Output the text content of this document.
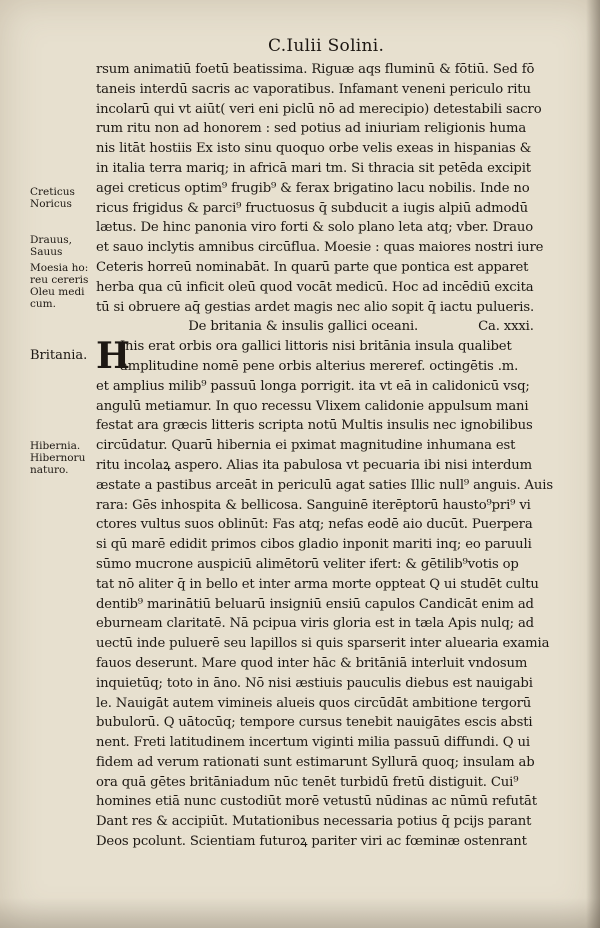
C.Iulii Solini.
Creticus
Noricus
Drauus,
Sauus
Moesia ho:
reu cereris
Oleu medi
cum.
Britania.
Hibernia.
Hibernoru
naturo.
H
rsum animatiū foetū beatissima. Riguæ aqs fluminū & fōtiū. Sed fō
taneis interdū sacris ac vaporatibus. Infamant veneni periculo ritu
incolarū qui vt aiūt( veri eni piclū nō ad merecipio) detestabili sacro
rum ritu non ad honorem : sed potius ad iniuriam religionis huma
nis litāt hostiis Ex isto sinu quoquo orbe velis exeas in hispanias &
in italia terra mariq; in africā mari tm. Si thracia sit petēda excipit
agei creticus optim⁹ frugib⁹ & ferax brigatino lacu nobilis. Inde no
ricus frigidus & parci⁹ fructuosus q̄ subducit a iugis alpiū admodū
lætus. De hinc panonia viro forti & solo plano leta atq; vber. Drauo
et sauo inclytis amnibus circūflua. Moesie : quas maiores nostri iure
Ceteris horreū nominabāt. In quarū parte que pontica est apparet
herba qua cū inficit oleū quod vocāt medicū. Hoc ad incēdiū excita
tū si obruere aq̄ gestias ardet magis nec alio sopit q̄ iactu pulueris.
De britania & insulis gallici oceani.	Ca. xxxi.
Inis erat orbis ora gallici littoris nisi britānia insula qualibet
amplitudine nomē pene orbis alterius mereref. octingētis .m.
et amplius milib⁹ passuū longa porrigit. ita vt eā in calidonicū vsq;
angulū metiamur. In quo recessu Vlixem calidonie appulsum mani
festat ara græcis litteris scripta notū Multis insulis nec ignobilibus
circūdatur. Quarū hibernia ei pximat magnitudine inhumana est
ritu incolaꝝ aspero. Alias ita pabulosa vt pecuaria ibi nisi interdum
æstate a pastibus arceāt in periculū agat saties Illic null⁹ anguis. Auis
rara: Gēs inhospita & bellicosa. Sanguinē iterēptorū hausto⁹pri⁹ vi
ctores vultus suos oblinūt: Fas atq; nefas eodē aio ducūt. Puerpera
si qū marē edidit primos cibos gladio inponit mariti inq; eo paruuli
sūmo mucrone auspiciū alimētorū veliter ifert: & gētilib⁹votis op
tat nō aliter q̄ in bello et inter arma morte oppteat Q ui studēt cultu
dentib⁹ marinātiū beluarū insigniū ensiū capulos Candicāt enim ad
eburneam claritatē. Nā pcipua viris gloria est in tæla Apis nulq; ad
uectū inde puluerē seu lapillos si quis sparserit inter aluearia examia
fauos deserunt. Mare quod inter hāc & britāniā interluit vndosum
inquietūq; toto in āno. Nō nisi æstiuis pauculis diebus est nauigabi
le. Nauigāt autem vimineis alueis quos circūdāt ambitione tergorū
bubulorū. Q uātocūq; tempore cursus tenebit nauigātes escis absti
nent. Freti latitudinem incertum viginti milia passuū diffundi. Q ui
fidem ad verum rationati sunt estimarunt Syllurā quoq; insulam ab
ora quā gētes britāniadum nūc tenēt turbidū fretū distiguit. Cui⁹
homines etiā nunc custodiūt morē vetustū nūdinas ac nūmū refutāt
Dant res & accipiūt. Mutationibus necessaria potius q̄ pcijs parant
Deos pcolunt. Scientiam futuroꝝ pariter viri ac fœminæ ostenrant
